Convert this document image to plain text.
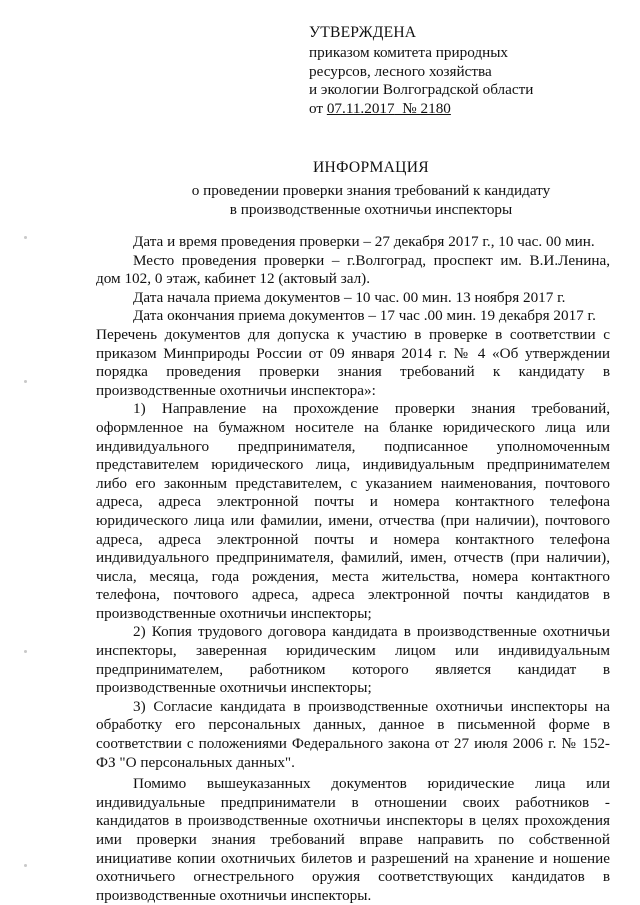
УТВЕРЖДЕНА
приказом комитета природных
ресурсов, лесного хозяйства
и экологии Волгоградской области
от 07.11.2017  № 2180
ИНФОРМАЦИЯ
о проведении проверки знания требований к кандидату
в производственные охотничьи инспекторы

Дата и время проведения проверки – 27 декабря 2017 г., 10 час. 00 мин.

Место проведения проверки – г.Волгоград, проспект им. В.И.Ленина, дом 102, 0 этаж, кабинет 12 (актовый зал).

Дата начала приема документов – 10 час. 00 мин. 13 ноября 2017 г.

Дата окончания приема документов – 17 час .00 мин. 19 декабря 2017 г.

Перечень документов для допуска к участию в проверке в соответствии с приказом Минприроды России от 09 января 2014 г. № 4 «Об утверждении порядка проведения проверки знания требований к кандидату в производственные охотничьи инспектора»:

1) Направление на прохождение проверки знания требований, оформленное на бумажном носителе на бланке юридического лица или индивидуального предпринимателя, подписанное уполномоченным представителем юридического лица, индивидуальным предпринимателем либо его законным представителем, с указанием наименования, почтового адреса, адреса электронной почты и номера контактного телефона юридического лица или фамилии, имени, отчества (при наличии), почтового адреса, адреса электронной почты и номера контактного телефона индивидуального предпринимателя, фамилий, имен, отчеств (при наличии), числа, месяца, года рождения, места жительства, номера контактного телефона, почтового адреса, адреса электронной почты кандидатов в производственные охотничьи инспекторы;

2) Копия трудового договора кандидата в производственные охотничьи инспекторы, заверенная юридическим лицом или индивидуальным предпринимателем, работником которого является кандидат в производственные охотничьи инспекторы;

3) Согласие кандидата в производственные охотничьи инспекторы на обработку его персональных данных, данное в письменной форме в соответствии с положениями Федерального закона от 27 июля 2006 г. № 152-ФЗ "О персональных данных".

Помимо вышеуказанных документов юридические лица или индивидуальные предприниматели в отношении своих работников - кандидатов в производственные охотничьи инспекторы в целях прохождения ими проверки знания требований вправе направить по собственной инициативе копии охотничьих билетов и разрешений на хранение и ношение охотничьего огнестрельного оружия соответствующих кандидатов в производственные охотничьи инспекторы.
